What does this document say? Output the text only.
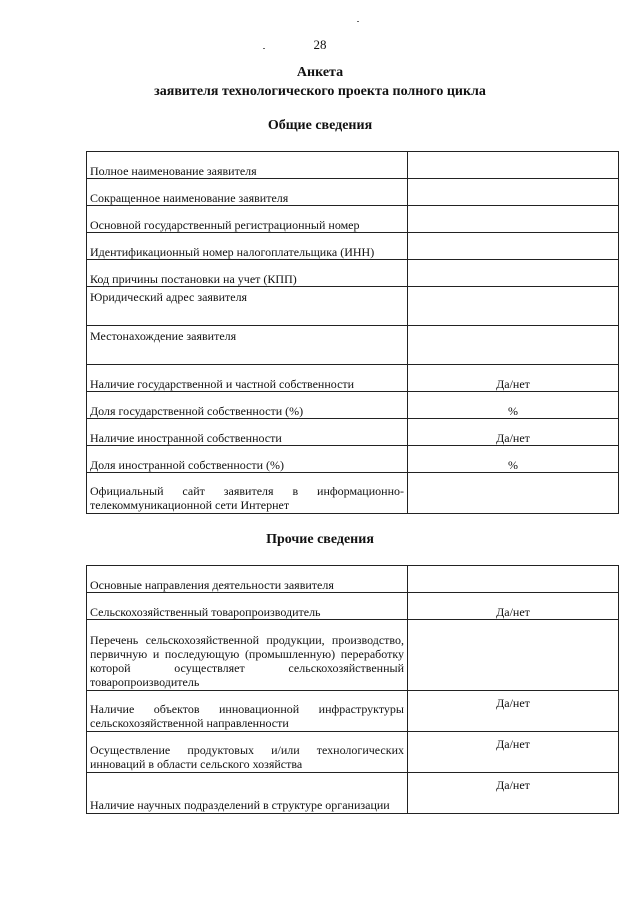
28
Анкета
заявителя технологического проекта полного цикла
Общие сведения
Полное наименование заявителя	
Сокращенное наименование заявителя	
Основной государственный регистрационный номер	
Идентификационный номер налогоплательщика (ИНН)	
Код причины постановки на учет (КПП)	
Юридический адрес заявителя	
Местонахождение заявителя	
Наличие государственной и частной собственности	Да/нет
Доля государственной собственности (%)	%
Наличие иностранной собственности	Да/нет
Доля иностранной собственности (%)	%
Официальный сайт заявителя в информационно-телекоммуникационной сети Интернет	
Прочие сведения
Основные направления деятельности заявителя	
Сельскохозяйственный товаропроизводитель	Да/нет
Перечень сельскохозяйственной продукции, производство, первичную и последующую (промышленную) переработку которой осуществляет сельскохозяйственный товаропроизводитель	
Наличие объектов инновационной инфраструктуры сельскохозяйственной направленности	Да/нет
Осуществление продуктовых и/или технологических инноваций в области сельского хозяйства	Да/нет
Наличие научных подразделений в структуре организации	Да/нет
